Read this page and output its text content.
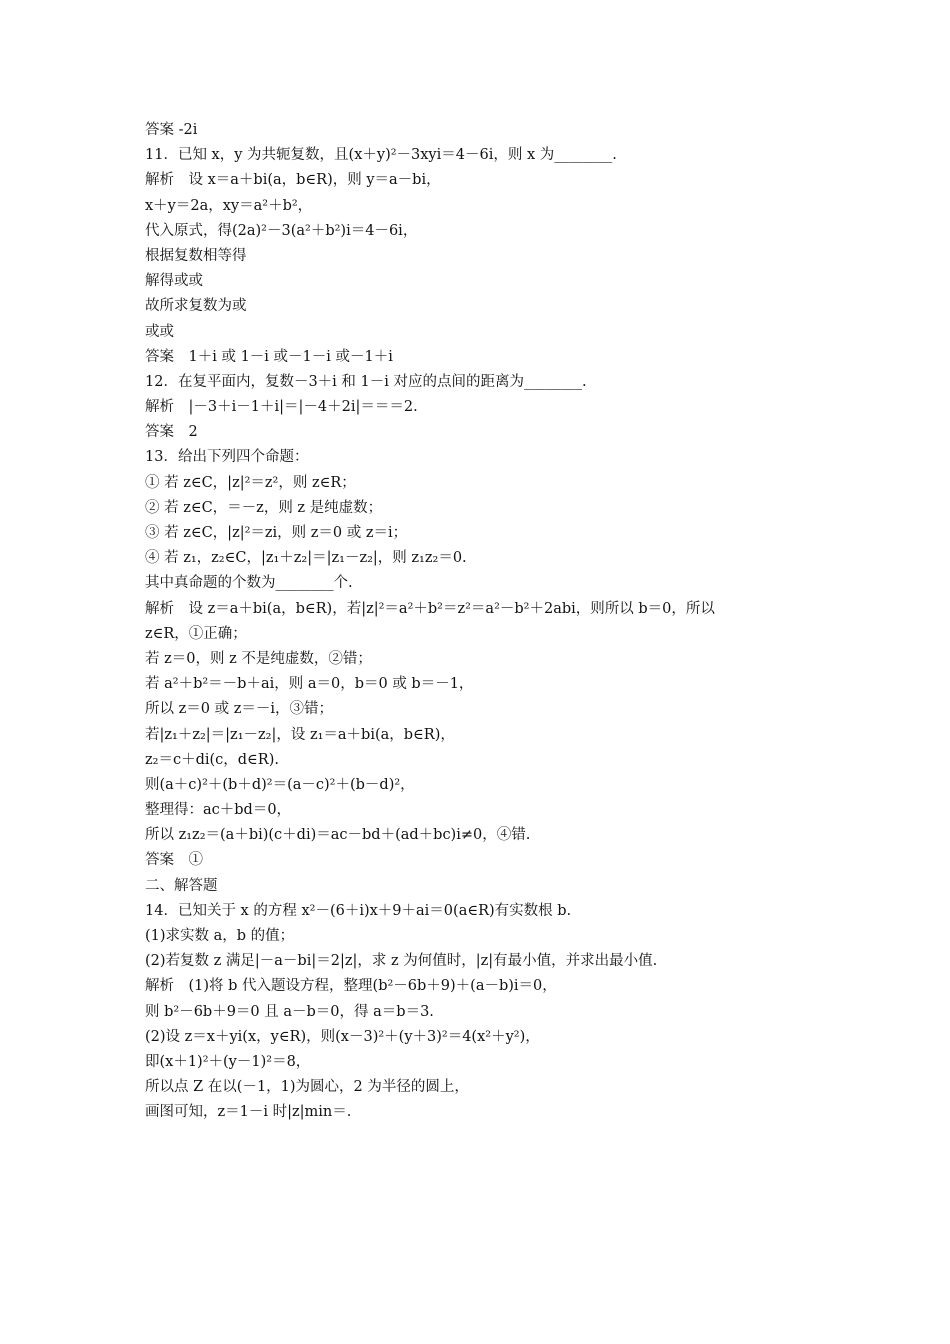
答案 -2i
11．已知 x，y 为共轭复数，且(x＋y)²－3xyi＝4－6i，则 x 为________.
解析　设 x＝a＋bi(a，b∈R)，则 y＝a－bi，
x＋y＝2a，xy＝a²＋b²，
代入原式，得(2a)²－3(a²＋b²)i＝4－6i，
根据复数相等得
解得或或
故所求复数为或
或或
答案　1＋i 或 1－i 或－1－i 或－1＋i
12．在复平面内，复数－3＋i 和 1－i 对应的点间的距离为________.
解析　|－3＋i－1＋i|＝|－4＋2i|＝＝＝2.
答案　2
13．给出下列四个命题：
① 若 z∈C，|z|²＝z²，则 z∈R；
② 若 z∈C，＝－z，则 z 是纯虚数；
③ 若 z∈C，|z|²＝zi，则 z＝0 或 z＝i；
④ 若 z₁，z₂∈C，|z₁＋z₂|＝|z₁－z₂|，则 z₁z₂＝0.
其中真命题的个数为________个.
解析　设 z＝a＋bi(a，b∈R)，若|z|²＝a²＋b²＝z²＝a²－b²＋2abi，则所以 b＝0，所以
z∈R，①正确；
若 z＝0，则 z 不是纯虚数，②错；
若 a²＋b²＝－b＋ai，则 a＝0，b＝0 或 b＝－1，
所以 z＝0 或 z＝－i，③错；
若|z₁＋z₂|＝|z₁－z₂|，设 z₁＝a＋bi(a，b∈R)，
z₂＝c＋di(c，d∈R).
则(a＋c)²＋(b＋d)²＝(a－c)²＋(b－d)²，
整理得：ac＋bd＝0，
所以 z₁z₂＝(a＋bi)(c＋di)＝ac－bd＋(ad＋bc)i≠0，④错.
答案　①
二、解答题
14．已知关于 x 的方程 x²－(6＋i)x＋9＋ai＝0(a∈R)有实数根 b.
(1)求实数 a，b 的值；
(2)若复数 z 满足|－a－bi|＝2|z|，求 z 为何值时，|z|有最小值，并求出最小值.
解析　(1)将 b 代入题设方程，整理(b²－6b＋9)＋(a－b)i＝0，
则 b²－6b＋9＝0 且 a－b＝0，得 a＝b＝3.
(2)设 z＝x＋yi(x，y∈R)，则(x－3)²＋(y＋3)²＝4(x²＋y²)，
即(x＋1)²＋(y－1)²＝8，
所以点 Z 在以(－1，1)为圆心，2 为半径的圆上，
画图可知，z＝1－i 时|z|min＝.
